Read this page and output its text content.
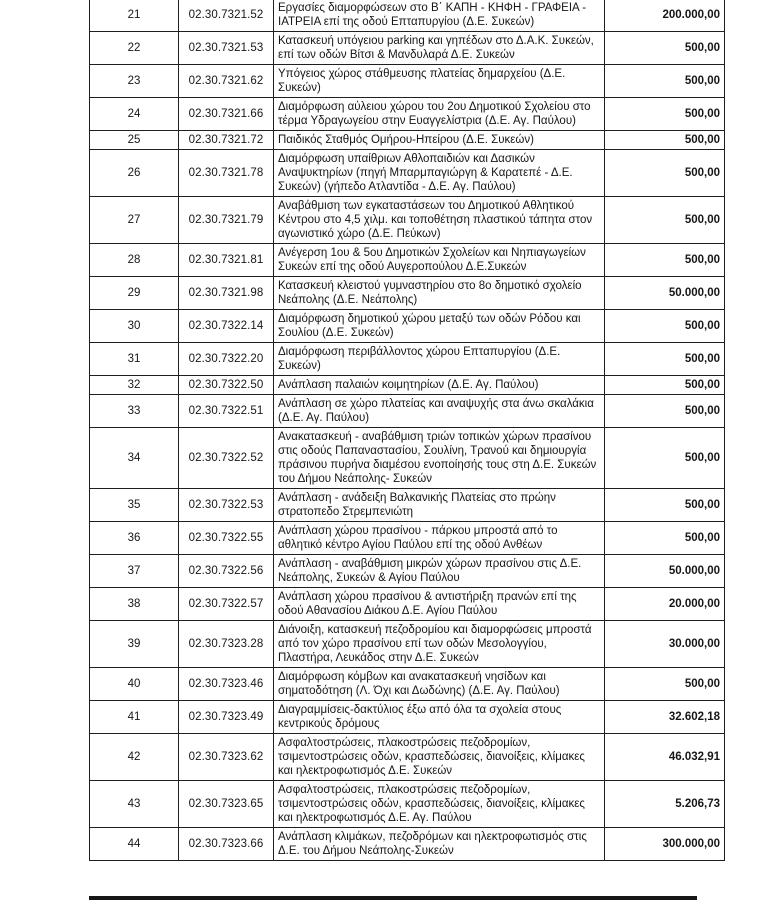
21	02.30.7321.52	Εργασίες διαμορφώσεων στο Β΄ ΚΑΠΗ - ΚΗΦΗ - ΓΡΑΦΕΙΑ - ΙΑΤΡΕΙΑ επί της οδού Επταπυργίου (Δ.Ε. Συκεών)	200.000,00
22	02.30.7321.53	Κατασκευή υπόγειου parking και γηπέδων στο Δ.Α.Κ. Συκεών, επί των οδών Βίτσι & Μανδυλαρά Δ.Ε. Συκεών	500,00
23	02.30.7321.62	Υπόγειος χώρος στάθμευσης πλατείας δημαρχείου (Δ.Ε. Συκεών)	500,00
24	02.30.7321.66	Διαμόρφωση αύλειου χώρου του 2ου Δημοτικού Σχολείου στο τέρμα Υδραγωγείου στην Ευαγγελίστρια (Δ.Ε. Αγ. Παύλου)	500,00
25	02.30.7321.72	Παιδικός Σταθμός Ομήρου-Ηπείρου (Δ.Ε. Συκεών)	500,00
26	02.30.7321.78	Διαμόρφωση υπαίθριων Αθλοπαιδιών και Δασικών Αναψυκτηρίων (πηγή Μπαρμπαγιώργη & Καρατεπέ - Δ.Ε. Συκεών) (γήπεδο Ατλαντίδα - Δ.Ε. Αγ. Παύλου)	500,00
27	02.30.7321.79	Αναβάθμιση των εγκαταστάσεων του Δημοτικού Αθλητικού Κέντρου στο 4,5 χιλμ. και τοποθέτηση πλαστικού τάπητα στον αγωνιστικό χώρο (Δ.Ε. Πεύκων)	500,00
28	02.30.7321.81	Ανέγερση 1ου & 5ου Δημοτικών Σχολείων και Νηπιαγωγείων Συκεών επί της οδού Αυγεροπούλου Δ.Ε.Συκεών	500,00
29	02.30.7321.98	Κατασκευή κλειστού γυμναστηρίου στο 8ο δημοτικό σχολείο Νεάπολης (Δ.Ε. Νεάπολης)	50.000,00
30	02.30.7322.14	Διαμόρφωση δημοτικού χώρου μεταξύ των οδών Ρόδου και Σουλίου (Δ.Ε. Συκεών)	500,00
31	02.30.7322.20	Διαμόρφωση περιβάλλοντος χώρου Επταπυργίου (Δ.Ε. Συκεών)	500,00
32	02.30.7322.50	Ανάπλαση παλαιών κοιμητηρίων (Δ.Ε. Αγ. Παύλου)	500,00
33	02.30.7322.51	Ανάπλαση σε χώρο πλατείας και αναψυχής στα άνω σκαλάκια (Δ.Ε. Αγ. Παύλου)	500,00
34	02.30.7322.52	Ανακατασκευή - αναβάθμιση τριών τοπικών χώρων πρασίνου στις οδούς Παπαναστασίου, Σουλίνη, Τρανού και δημιουργία πράσινου πυρήνα διαμέσου ενοποίησής τους στη Δ.Ε. Συκεών του Δήμου Νεάπολης- Συκεών	500,00
35	02.30.7322.53	Ανάπλαση - ανάδειξη Βαλκανικής Πλατείας στο πρώην στρατοπεδο Στρεμπενιώτη	500,00
36	02.30.7322.55	Ανάπλαση χώρου πρασίνου - πάρκου μπροστά από το αθλητικό κέντρο Αγίου Παύλου επί της οδού Ανθέων	500,00
37	02.30.7322.56	Ανάπλαση - αναβάθμιση μικρών χώρων πρασίνου στις Δ.Ε. Νεάπολης, Συκεών & Αγίου Παύλου	50.000,00
38	02.30.7322.57	Ανάπλαση χώρου πρασίνου & αντιστήριξη πρανών επί της οδού Αθανασίου Διάκου Δ.Ε. Αγίου Παύλου	20.000,00
39	02.30.7323.28	Διάνοιξη, κατασκευή πεζοδρομίου και διαμορφώσεις μπροστά από τον χώρο πρασίνου επί των οδών Μεσολογγίου, Πλαστήρα, Λευκάδος στην Δ.Ε. Συκεών	30.000,00
40	02.30.7323.46	Διαμόρφωση κόμβων και ανακατασκευή νησίδων και σηματοδότηση (Λ. Όχι και Δωδώνης) (Δ.Ε. Αγ. Παύλου)	500,00
41	02.30.7323.49	Διαγραμμίσεις-δακτύλιος έξω από όλα τα σχολεία στους κεντρικούς δρόμους	32.602,18
42	02.30.7323.62	Ασφαλτοστρώσεις, πλακοστρώσεις πεζοδρομίων, τσιμεντοστρώσεις οδών, κρασπεδώσεις, διανοίξεις, κλίμακες και ηλεκτροφωτισμός Δ.Ε. Συκεών	46.032,91
43	02.30.7323.65	Ασφαλτοστρώσεις, πλακοστρώσεις πεζοδρομίων, τσιμεντοστρώσεις οδών, κρασπεδώσεις, διανοίξεις, κλίμακες και ηλεκτροφωτισμός Δ.Ε. Αγ. Παύλου	5.206,73
44	02.30.7323.66	Ανάπλαση κλιμάκων, πεζοδρόμων και ηλεκτροφωτισμός στις Δ.Ε. του Δήμου Νεάπολης-Συκεών	300.000,00
